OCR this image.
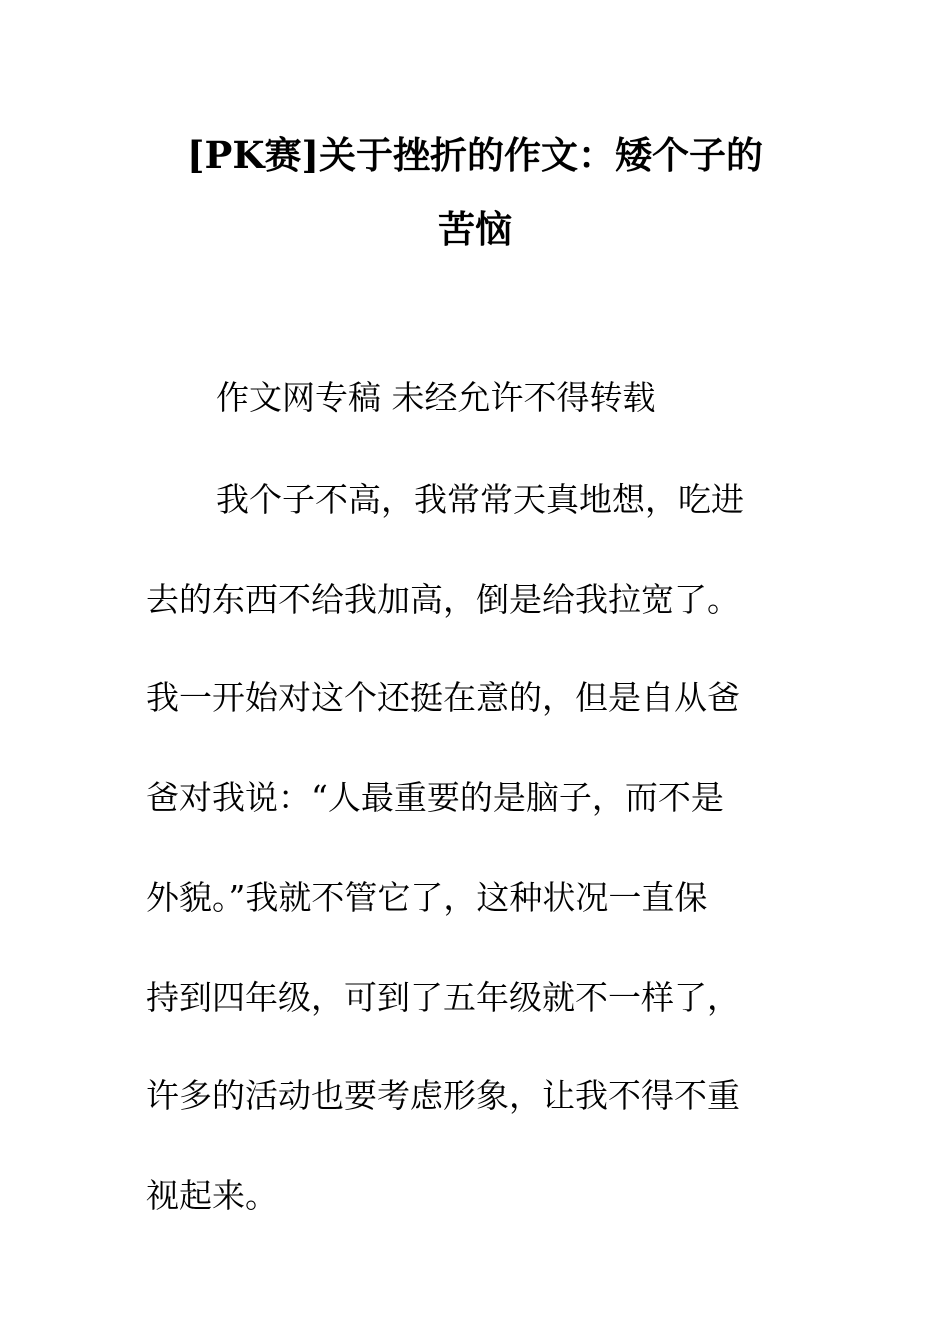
[PK赛]关于挫折的作文：矮个子的
苦恼
作文网专稿 未经允许不得转载
我个子不高，我常常天真地想，吃进
去的东西不给我加高，倒是给我拉宽了。
我一开始对这个还挺在意的，但是自从爸
爸对我说：“人最重要的是脑子，而不是
外貌。”我就不管它了，这种状况一直保
持到四年级，可到了五年级就不一样了，
许多的活动也要考虑形象，让我不得不重
视起来。
